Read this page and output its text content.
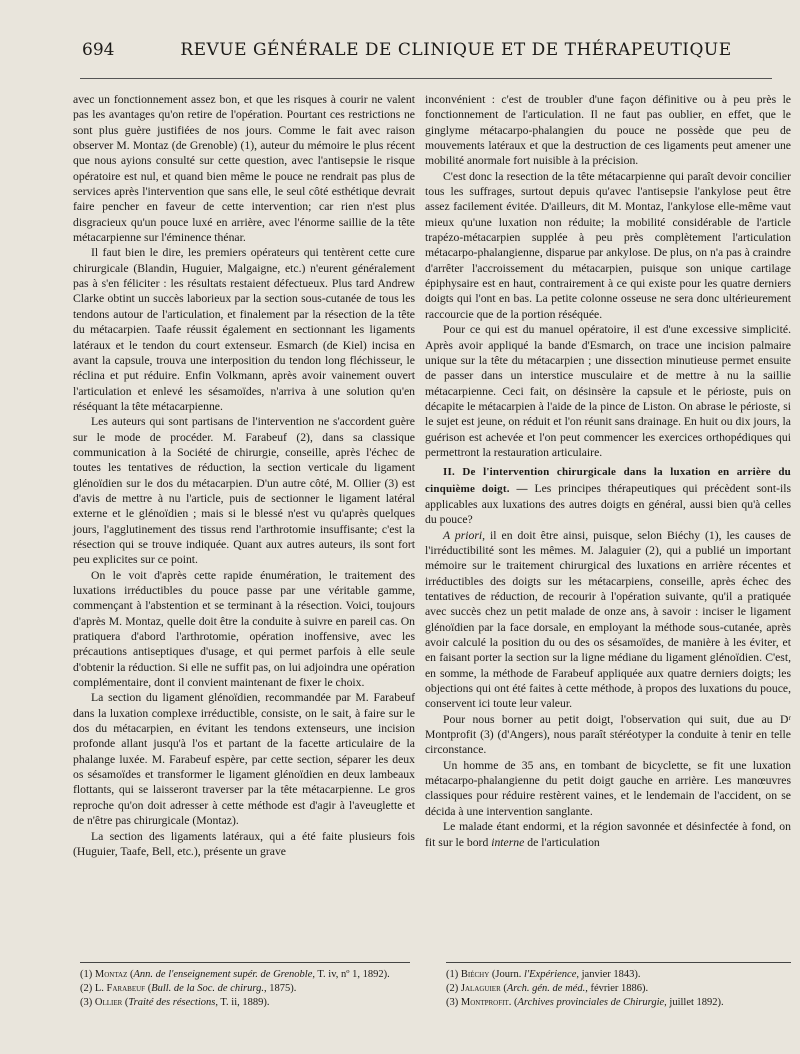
694	REVUE GÉNÉRALE DE CLINIQUE ET DE THÉRAPEUTIQUE

avec un fonctionnement assez bon, et que les risques à courir ne valent pas les avantages qu'on retire de l'opération. Pourtant ces restrictions ne sont plus guère justifiées de nos jours. Comme le fait avec raison observer M. Montaz (de Grenoble) (1), auteur du mémoire le plus récent que nous ayions consulté sur cette question, avec l'antisepsie le risque opératoire est nul, et quand bien même le pouce ne rendrait pas plus de services après l'intervention que sans elle, le seul côté esthétique devrait faire pencher en faveur de cette intervention; car rien n'est plus disgracieux qu'un pouce luxé en arrière, avec l'énorme saillie de la tête métacarpienne sur l'éminence thénar.

Il faut bien le dire, les premiers opérateurs qui tentèrent cette cure chirurgicale (Blandin, Huguier, Malgaigne, etc.) n'eurent généralement pas à s'en féliciter : les résultats restaient défectueux. Plus tard Andrew Clarke obtint un succès laborieux par la section sous-cutanée de tous les tendons autour de l'articulation, et finalement par la résection de la tête du métacarpien. Taafe réussit également en sectionnant les ligaments latéraux et le tendon du court extenseur. Esmarch (de Kiel) incisa en avant la capsule, trouva une interposition du tendon long fléchisseur, le réclina et put réduire. Enfin Volkmann, après avoir vainement ouvert l'articulation et enlevé les sésamoïdes, n'arriva à une solution qu'en réséquant la tête métacarpienne.

Les auteurs qui sont partisans de l'intervention ne s'accordent guère sur le mode de procéder. M. Farabeuf (2), dans sa classique communication à la Société de chirurgie, conseille, après l'échec de toutes les tentatives de réduction, la section verticale du ligament glénoïdien sur le dos du métacarpien. D'un autre côté, M. Ollier (3) est d'avis de mettre à nu l'article, puis de sectionner le ligament latéral externe et le glénoïdien ; mais si le blessé n'est vu qu'après quelques jours, l'agglutinement des tissus rend l'arthrotomie insuffisante; c'est la résection qui se trouve indiquée. Quant aux autres auteurs, ils sont fort peu explicites sur ce point.

On le voit d'après cette rapide énumération, le traitement des luxations irréductibles du pouce passe par une véritable gamme, commençant à l'abstention et se terminant à la résection. Voici, toujours d'après M. Montaz, quelle doit être la conduite à suivre en pareil cas. On pratiquera d'abord l'arthrotomie, opération inoffensive, avec les précautions antiseptiques d'usage, et qui permet parfois à elle seule d'obtenir la réduction. Si elle ne suffit pas, on lui adjoindra une opération complémentaire, dont il convient maintenant de fixer le choix.

La section du ligament glénoïdien, recommandée par M. Farabeuf dans la luxation complexe irréductible, consiste, on le sait, à faire sur le dos du métacarpien, en évitant les tendons extenseurs, une incision profonde allant jusqu'à l'os et partant de la facette articulaire de la phalange luxée. M. Farabeuf espère, par cette section, séparer les deux os sésamoïdes et transformer le ligament glénoïdien en deux lambeaux flottants, qui se laisseront traverser par la tête métacarpienne. Le gros reproche qu'on doit adresser à cette méthode est d'agir à l'aveuglette et de n'être pas chirurgicale (Montaz).

La section des ligaments latéraux, qui a été faite plusieurs fois (Huguier, Taafe, Bell, etc.), présente un grave

inconvénient : c'est de troubler d'une façon définitive ou à peu près le fonctionnement de l'articulation. Il ne faut pas oublier, en effet, que le ginglyme métacarpo-phalangien du pouce ne possède que peu de mouvements latéraux et que la destruction de ces ligaments peut amener une mobilité anormale fort nuisible à la précision.

C'est donc la resection de la tête métacarpienne qui paraît devoir concilier tous les suffrages, surtout depuis qu'avec l'antisepsie l'ankylose peut être assez facilement évitée. D'ailleurs, dit M. Montaz, l'ankylose elle-même vaut mieux qu'une luxation non réduite; la mobilité considérable de l'article trapézo-métacarpien supplée à peu près complètement l'articulation métacarpo-phalangienne, disparue par ankylose. De plus, on n'a pas à craindre d'arrêter l'accroissement du métacarpien, puisque son unique cartilage épiphysaire est en haut, contrairement à ce qui existe pour les quatre derniers doigts qui l'ont en bas. La petite colonne osseuse ne sera donc ultérieurement raccourcie que de la portion réséquée.

Pour ce qui est du manuel opératoire, il est d'une excessive simplicité. Après avoir appliqué la bande d'Esmarch, on trace une incision palmaire unique sur la tête du métacarpien ; une dissection minutieuse permet ensuite de passer dans un interstice musculaire et de mettre à nu la saillie métacarpienne. Ceci fait, on désinsère la capsule et le périoste, puis on décapite le métacarpien à l'aide de la pince de Liston. On abrase le périoste, si le sujet est jeune, on réduit et l'on réunit sans drainage. En huit ou dix jours, la guérison est achevée et l'on peut commencer les exercices orthopédiques qui permettront la restauration articulaire.

II. De l'intervention chirurgicale dans la luxation en arrière du cinquième doigt. — Les principes thérapeutiques qui précèdent sont-ils applicables aux luxations des autres doigts en général, aussi bien qu'à celles du pouce?

A priori, il en doit être ainsi, puisque, selon Biéchy (1), les causes de l'irréductibilité sont les mêmes. M. Jalaguier (2), qui a publié un important mémoire sur le traitement chirurgical des luxations en arrière récentes et irréductibles des doigts sur les métacarpiens, conseille, après échec des tentatives de réduction, de recourir à l'opération suivante, qu'il a pratiquée avec succès chez un petit malade de onze ans, à savoir : inciser le ligament glénoïdien par la face dorsale, en employant la méthode sous-cutanée, après avoir calculé la position du ou des os sésamoïdes, de manière à les éviter, et en faisant porter la section sur la ligne médiane du ligament glénoïdien. C'est, en somme, la méthode de Farabeuf appliquée aux quatre derniers doigts; les objections qui ont été faites à cette méthode, à propos des luxations du pouce, conservent ici toute leur valeur.

Pour nous borner au petit doigt, l'observation qui suit, due au Dʳ Montprofit (3) (d'Angers), nous paraît stéréotyper la conduite à tenir en telle circonstance.

Un homme de 35 ans, en tombant de bicyclette, se fit une luxation métacarpo-phalangienne du petit doigt gauche en arrière. Les manœuvres classiques pour réduire restèrent vaines, et le lendemain de l'accident, on se décida à une intervention sanglante.

Le malade étant endormi, et la région savonnée et désinfectée à fond, on fit sur le bord interne de l'articulation

(1) Montaz (Ann. de l'enseignement supér. de Grenoble, T. iv, nº 1, 1892).
(2) L. Farabeuf (Bull. de la Soc. de chirurg., 1875).
(3) Ollier (Traité des résections, T. ii, 1889).
(1) Biéchy (Journ. l'Expérience, janvier 1843).
(2) Jalaguier (Arch. gén. de méd., février 1886).
(3) Montprofit. (Archives provinciales de Chirurgie, juillet 1892).
